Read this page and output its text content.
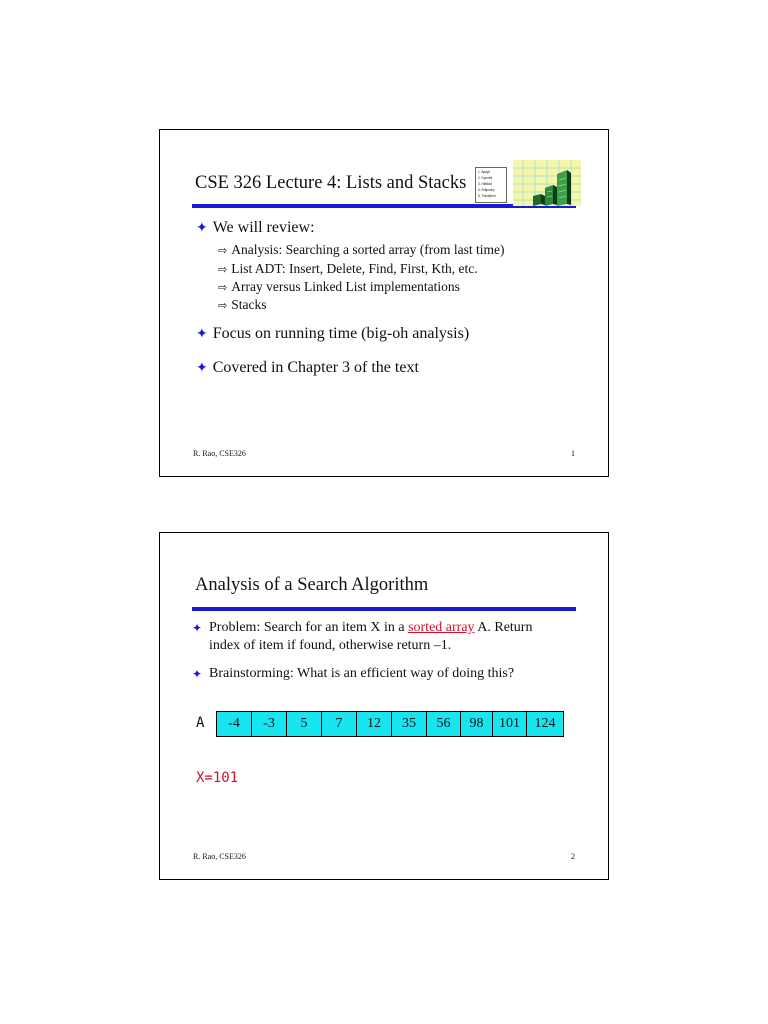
CSE 326 Lecture 4: Lists and Stacks
1. Aptqtl
2. Dpcvbtl
3. Hkltblol
4. Rdtpzdrp
5. Trdesfpmr
✦ We will review:
⇨ Analysis: Searching a sorted array (from last time)
⇨ List ADT: Insert, Delete, Find, First, Kth, etc.
⇨ Array versus Linked List implementations
⇨ Stacks
✦ Focus on running time (big-oh analysis)
✦ Covered in Chapter 3 of the text
R. Rao, CSE326	1
Analysis of a Search Algorithm
✦ Problem: Search for an item X in a sorted array A. Return index of item if found, otherwise return –1.
✦ Brainstorming: What is an efficient way of doing this?
A	-4	-3	5	7	12	35	56	98	101	124
X=101
R. Rao, CSE326	2
